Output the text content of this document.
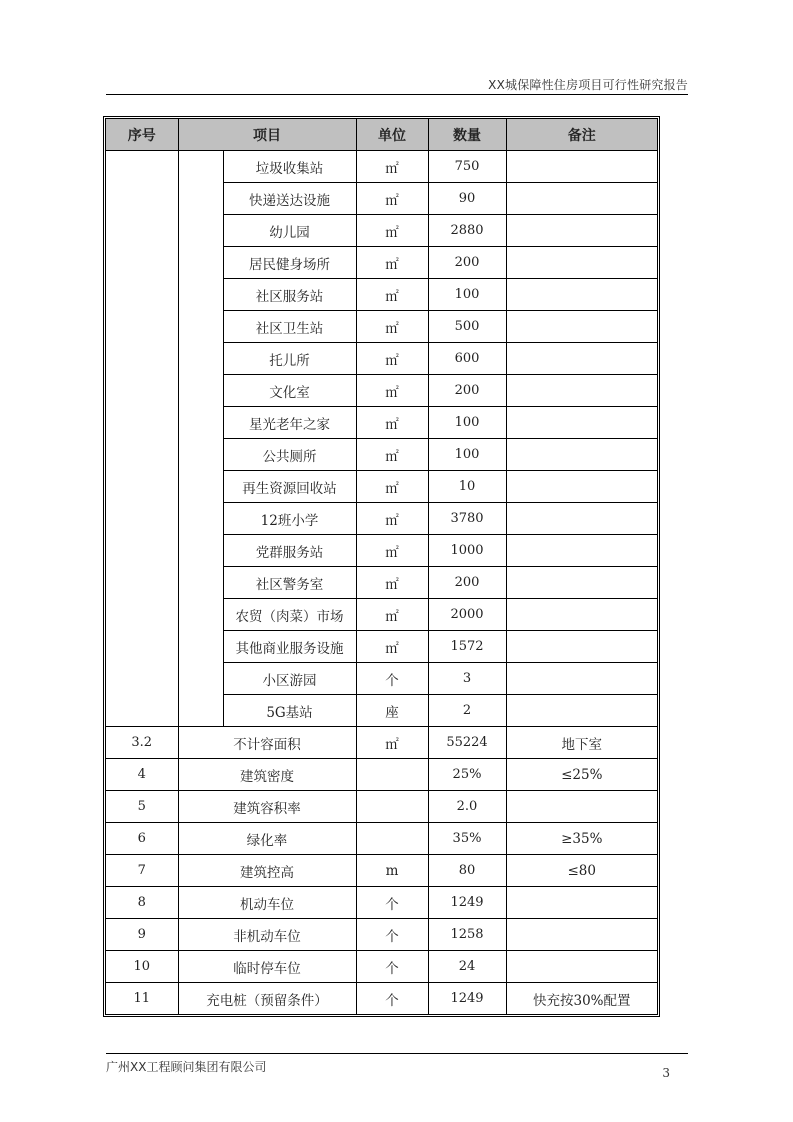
XX城保障性住房项目可行性研究报告
序号	项目		单位	数量	备注
		垃圾收集站	㎡	750	
		快递送达设施	㎡	90	
		幼儿园	㎡	2880	
		居民健身场所	㎡	200	
		社区服务站	㎡	100	
		社区卫生站	㎡	500	
		托儿所	㎡	600	
		文化室	㎡	200	
		星光老年之家	㎡	100	
		公共厕所	㎡	100	
		再生资源回收站	㎡	10	
		12班小学	㎡	3780	
		党群服务站	㎡	1000	
		社区警务室	㎡	200	
		农贸（肉菜）市场	㎡	2000	
		其他商业服务设施	㎡	1572	
		小区游园	个	3	
		5G基站	座	2	
3.2	不计容面积		㎡	55224	地下室
4	建筑密度			25%	≤25%
5	建筑容积率			2.0	
6	绿化率			35%	≥35%
7	建筑控高		m	80	≤80
8	机动车位		个	1249	
9	非机动车位		个	1258	
10	临时停车位		个	24	
11	充电桩（预留条件）		个	1249	快充按30%配置
广州XX工程顾问集团有限公司	3
